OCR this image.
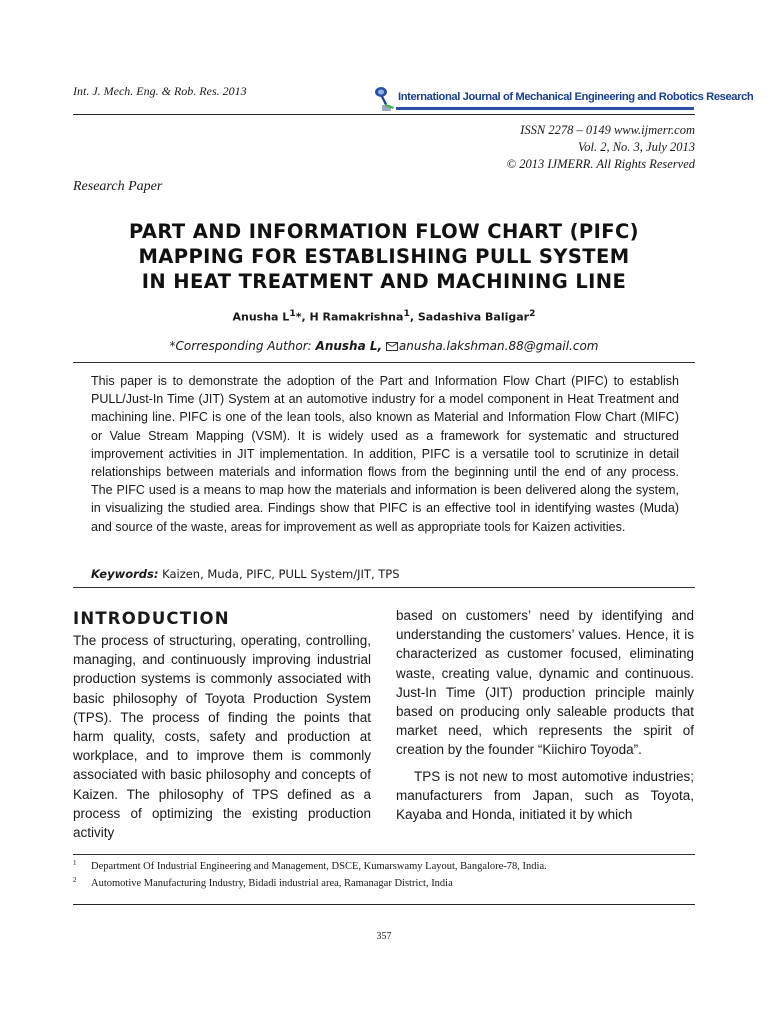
Int. J. Mech. Eng. & Rob. Res. 2013	International Journal of Mechanical Engineering and Robotics Research
ISSN 2278 – 0149 www.ijmerr.com
Vol. 2, No. 3, July 2013
© 2013 IJMERR. All Rights Reserved
Research Paper
PART AND INFORMATION FLOW CHART (PIFC)
MAPPING FOR ESTABLISHING PULL SYSTEM
IN HEAT TREATMENT AND MACHINING LINE
Anusha $L^1*$, H Ramakrishna$^1$, Sadashiva Baligar$^2$
*Corresponding Author: Anusha L, anusha.lakshman.88@gmail.com
This paper is to demonstrate the adoption of the Part and Information Flow Chart (PIFC) to establish PULL/Just-In Time (JIT) System at an automotive industry for a model component in Heat Treatment and machining line. PIFC is one of the lean tools, also known as Material and Information Flow Chart (MIFC) or Value Stream Mapping (VSM). It is widely used as a framework for systematic and structured improvement activities in JIT implementation. In addition, PIFC is a versatile tool to scrutinize in detail relationships between materials and information flows from the beginning until the end of any process. The PIFC used is a means to map how the materials and information is been delivered along the system, in visualizing the studied area. Findings show that PIFC is an effective tool in identifying wastes (Muda) and source of the waste, areas for improvement as well as appropriate tools for Kaizen activities.
Keywords: Kaizen, Muda, PIFC, PULL System/JIT, TPS
INTRODUCTION

The process of structuring, operating, controlling, managing, and continuously improving industrial production systems is commonly associated with basic philosophy of Toyota Production System (TPS). The process of finding the points that harm quality, costs, safety and production at workplace, and to improve them is commonly associated with basic philosophy and concepts of Kaizen. The philosophy of TPS defined as a process of optimizing the existing production activity

based on customers’ need by identifying and understanding the customers’ values. Hence, it is characterized as customer focused, eliminating waste, creating value, dynamic and continuous. Just-In Time (JIT) production principle mainly based on producing only saleable products that market need, which represents the spirit of creation by the founder “Kiichiro Toyoda”.

TPS is not new to most automotive industries; manufacturers from Japan, such as Toyota, Kayaba and Honda, initiated it by which

1 Department Of Industrial Engineering and Management, DSCE, Kumarswamy Layout, Bangalore-78, India.
2 Automotive Manufacturing Industry, Bidadi industrial area, Ramanagar District, India
357
